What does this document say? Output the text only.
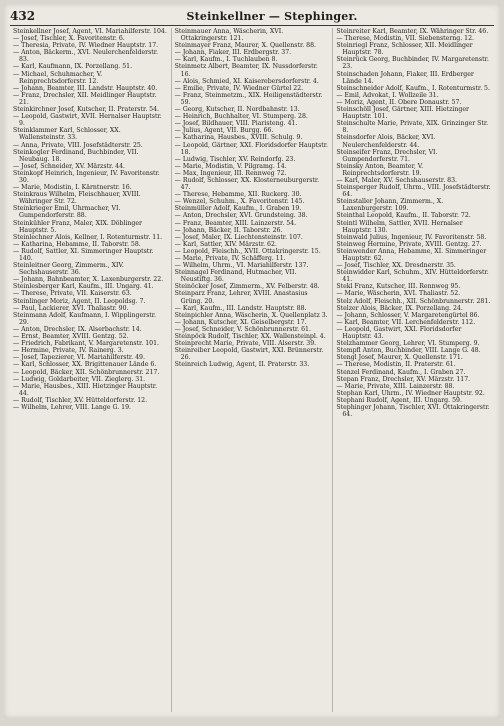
432	Steinkellner — Stephinger.
Steinkellner Josef, Agent, VI. Mariahilferstr. 104.
— Josef, Tischler, X. Favoritenstr. 6.
— Theresia, Private, IV. Wiedner Hauptstr. 17.
— Anton, Bäckerm., XVI. Neulerchenfelderstr. 83.
— Karl, Kaufmann, IX. Porzellang. 51.
— Michael, Schuhmacher, V. Reinprechtsdorferstr. 12.
— Johann, Beamter, III. Landstr. Hauptstr. 40.
— Franz, Drechsler, XII. Meidlinger Hauptstr. 21.
Steinkirchner Josef, Kutscher, II. Praterstr. 54.
— Leopold, Gastwirt, XVII. Hernalser Hauptstr. 9.
Steinklammer Karl, Schlosser, XX. Wallensteinstr. 33.
— Anna, Private, VIII. Josefstädterstr. 25.
Steinkogler Ferdinand, Buchbinder, VII. Neubaug. 18.
— Josef, Schneider, XV. Märzstr. 44.
Steinkopf Heinrich, Ingenieur, IV. Favoritenstr. 30.
— Marie, Modistin, I. Kärntnerstr. 16.
Steinkraus Wilhelm, Fleischhauer, XVIII. Währinger Str. 72.
Steinkrieger Emil, Uhrmacher, VI. Gumpendorferstr. 88.
Steinkühler Franz, Maler, XIX. Döblinger Hauptstr. 5.
Steinlechner Alois, Kellner, I. Rotenturmstr. 11.
— Katharina, Hebamme, II. Taborstr. 58.
— Rudolf, Sattler, XI. Simmeringer Hauptstr. 140.
Steinleitner Georg, Zimmerm., XIV. Sechshauserstr. 36.
— Johann, Bahnbeamter, X. Laxenburgerstr. 22.
Steinlesberger Karl, Kaufm., III. Ungarg. 41.
— Therese, Private, VII. Kaiserstr. 63.
Steinlinger Moriz, Agent, II. Leopoldsg. 7.
— Paul, Lackierer, XVI. Thaliastr. 90.
Steinmann Adolf, Kaufmann, I. Wipplingerstr. 29.
— Anton, Drechsler, IX. Alserbachstr. 14.
— Ernst, Beamter, XVIII. Gentzg. 52.
— Friedrich, Fabrikant, V. Margaretenstr. 101.
— Hermine, Private, IV. Rainerg. 3.
— Josef, Tapezierer, VI. Mariahilferstr. 49.
— Karl, Schlosser, XX. Brigittenauer Lände 6.
— Leopold, Bäcker, XII. Schönbrunnerstr. 217.
— Ludwig, Goldarbeiter, VII. Zieglerg. 31.
— Marie, Hausbes., XIII. Hietzinger Hauptstr. 44.
— Rudolf, Tischler, XV. Hütteldorferstr. 12.
— Wilhelm, Lehrer, VIII. Lange G. 19.
Steinmauer Anna, Wäscherin, XVI. Ottakringerstr. 121.
Steinmayer Franz, Maurer, X. Quellenstr. 88.
— Johann, Fiaker, III. Erdbergstr. 37.
— Karl, Kaufm., I. Tuchlauben 8.
Steinmetz Albert, Beamter, IX. Nussdorferstr. 16.
— Alois, Schmied, XI. Kaiserebersdorferstr. 4.
— Emilie, Private, IV. Wiedner Gürtel 22.
— Franz, Steinmetzm., XIX. Heiligenstädterstr. 59.
— Georg, Kutscher, II. Nordbahnstr. 13.
— Heinrich, Buchhalter, VI. Stumperg. 28.
— Josef, Bildhauer, VIII. Piaristeng. 41.
— Julius, Agent, VII. Burgg. 66.
— Katharina, Hausbes., XVIII. Schulg. 9.
— Leopold, Gärtner, XXI. Floridsdorfer Hauptstr. 18.
— Ludwig, Tischler, XV. Reindorfg. 23.
— Marie, Modistin, V. Pilgramg. 14.
— Max, Ingenieur, III. Rennweg 72.
— Rudolf, Schlosser, XX. Klosterneuburgerstr. 47.
— Therese, Hebamme, XII. Ruckerg. 30.
— Wenzel, Schuhm., X. Favoritenstr. 145.
Steinmüller Adolf, Kaufm., I. Graben 19.
— Anton, Drechsler, XVI. Grundsteing. 38.
— Franz, Beamter, XIII. Lainzerstr. 54.
— Johann, Bäcker, II. Taborstr. 26.
— Josef, Maler, IX. Liechtensteinstr. 107.
— Karl, Sattler, XIV. Märzstr. 62.
— Leopold, Fleischh., XVII. Ottakringerstr. 15.
— Marie, Private, IV. Schäfferg. 11.
— Wilhelm, Uhrm., VI. Mariahilferstr. 137.
Steinnagel Ferdinand, Hutmacher, VII. Neustiftg. 36.
Steinöcker Josef, Zimmerm., XV. Felberstr. 48.
Steinparz Franz, Lehrer, XVIII. Anastasius Grüng. 20.
— Karl, Kaufm., III. Landstr. Hauptstr. 88.
Steinpichler Anna, Wäscherin, X. Quellenplatz 3.
— Johann, Kutscher, XI. Geiselbergstr. 17.
— Josef, Schneider, V. Schönbrunnerstr. 61.
Steinpöck Rudolf, Tischler, XX. Wallensteinpl. 4.
Steinprecht Marie, Private, VIII. Alserstr. 39.
Steinreiber Leopold, Gastwirt, XXI. Brünnerstr. 26.
Steinreich Ludwig, Agent, II. Praterstr. 33.
Steinreiter Karl, Beamter, IX. Währinger Str. 46.
— Therese, Modistin, VII. Siebensterng. 12.
Steinriegl Franz, Schlosser, XII. Meidlinger Hauptstr. 78.
Steinrück Georg, Buchbinder, IV. Margaretenstr. 23.
Steinschaden Johann, Fiaker, III. Erdberger Lände 14.
Steinschneider Adolf, Kaufm., I. Rotenturmstr. 5.
— Emil, Advokat, I. Wollzeile 31.
— Moriz, Agent, II. Obere Donaustr. 57.
Steinschöll Josef, Gärtner, XIII. Hietzinger Hauptstr. 101.
Steinschulte Marie, Private, XIX. Grinzinger Str. 8.
Steinsdorfer Alois, Bäcker, XVI. Neulerchenfelderstr. 44.
Steinseifer Franz, Drechsler, VI. Gumpendorferstr. 71.
Steinsky Anton, Beamter, V. Reinprechtsdorferstr. 19.
— Karl, Maler, XV. Sechshauserstr. 83.
Steinsperger Rudolf, Uhrm., VIII. Josefstädterstr. 64.
Steinstaller Johann, Zimmerm., X. Laxenburgerstr. 109.
Steinthal Leopold, Kaufm., II. Taborstr. 72.
Steintl Wilhelm, Sattler, XVII. Hernalser Hauptstr. 130.
Steinwald Julius, Ingenieur, IV. Favoritenstr. 58.
Steinweg Hermine, Private, XVIII. Gentzg. 27.
Steinwender Anna, Hebamme, XI. Simmeringer Hauptstr. 62.
— Josef, Tischler, XX. Dresdnerstr. 35.
Steinwidder Karl, Schuhm., XIV. Hütteldorferstr. 41.
Stekl Franz, Kutscher, III. Rennweg 95.
— Marie, Wäscherin, XVI. Thaliastr. 52.
Stelz Adolf, Fleischh., XII. Schönbrunnerstr. 281.
Stelzer Alois, Bäcker, IX. Porzellang. 24.
— Johann, Schlosser, V. Margaretengürtel 86.
— Karl, Beamter, VII. Lerchenfelderstr. 112.
— Leopold, Gastwirt, XXI. Floridsdorfer Hauptstr. 43.
Stelzhammer Georg, Lehrer, VI. Stumperg. 9.
Stempfl Anton, Buchbinder, VIII. Lange G. 48.
Stengl Josef, Maurer, X. Quellenstr. 171.
— Therese, Modistin, II. Praterstr. 61.
Stenzel Ferdinand, Kaufm., I. Graben 27.
Stepan Franz, Drechsler, XV. Märzstr. 117.
— Marie, Private, XIII. Lainzerstr. 88.
Stephan Karl, Uhrm., IV. Wiedner Hauptstr. 92.
Stephani Rudolf, Agent, III. Ungarg. 59.
Stephinger Johann, Tischler, XVI. Ottakringerstr. 64.
